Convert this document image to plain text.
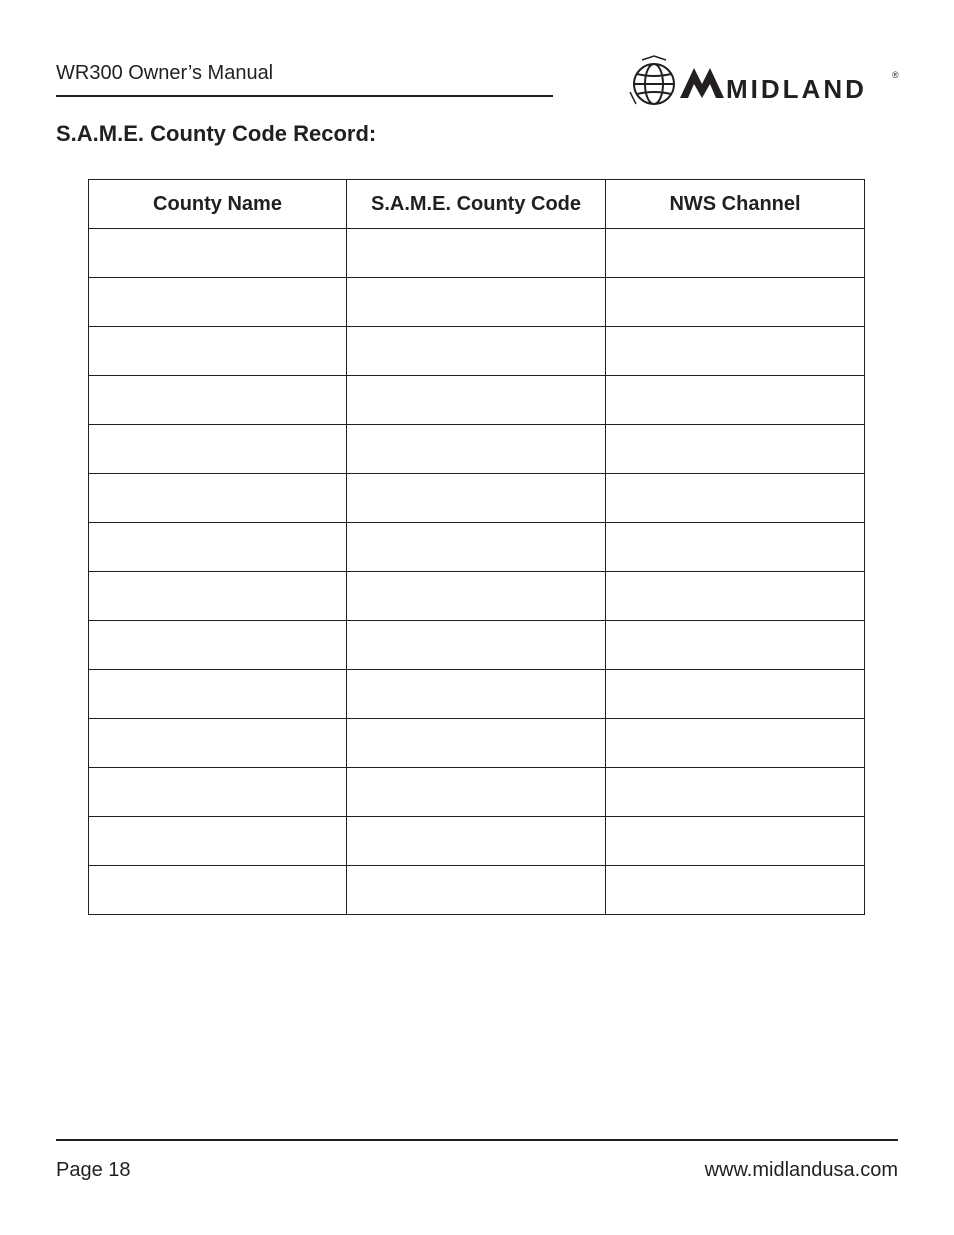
WR300 Owner’s Manual
MIDLAND	®
S.A.M.E. County Code Record:
County Name	S.A.M.E. County Code	NWS Channel

Page 18	www.midlandusa.com
